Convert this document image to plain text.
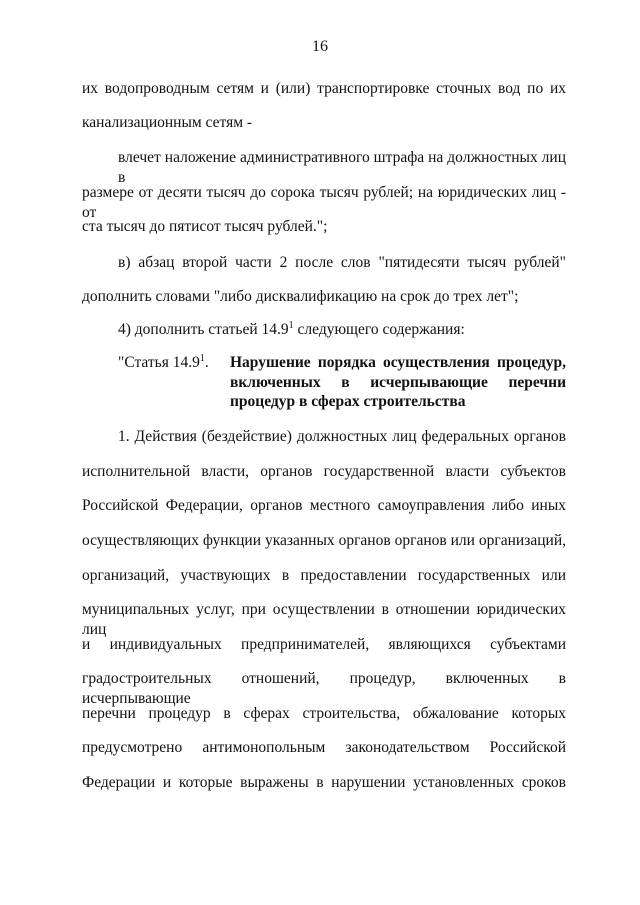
16
их водопроводным сетям и (или) транспортировке сточных вод по их
канализационным сетям -
влечет наложение административного штрафа на должностных лиц в
размере от десяти тысяч до сорока тысяч рублей; на юридических лиц - от
ста тысяч до пятисот тысяч рублей.";
в) абзац второй части 2 после слов "пятидесяти тысяч рублей"
дополнить словами "либо дисквалификацию на срок до трех лет";
4) дополнить статьей 14.9$^1$ следующего содержания:
"Статья 14.9$^1$. Нарушение порядка осуществления процедур,
включенных в исчерпывающие перечни
процедур в сферах строительства
1. Действия (бездействие) должностных лиц федеральных органов
исполнительной власти, органов государственной власти субъектов
Российской Федерации, органов местного самоуправления либо иных
осуществляющих функции указанных органов органов или организаций,
организаций, участвующих в предоставлении государственных или
муниципальных услуг, при осуществлении в отношении юридических лиц
и индивидуальных предпринимателей, являющихся субъектами
градостроительных отношений, процедур, включенных в исчерпывающие
перечни процедур в сферах строительства, обжалование которых
предусмотрено антимонопольным законодательством Российской
Федерации и которые выражены в нарушении установленных сроков
